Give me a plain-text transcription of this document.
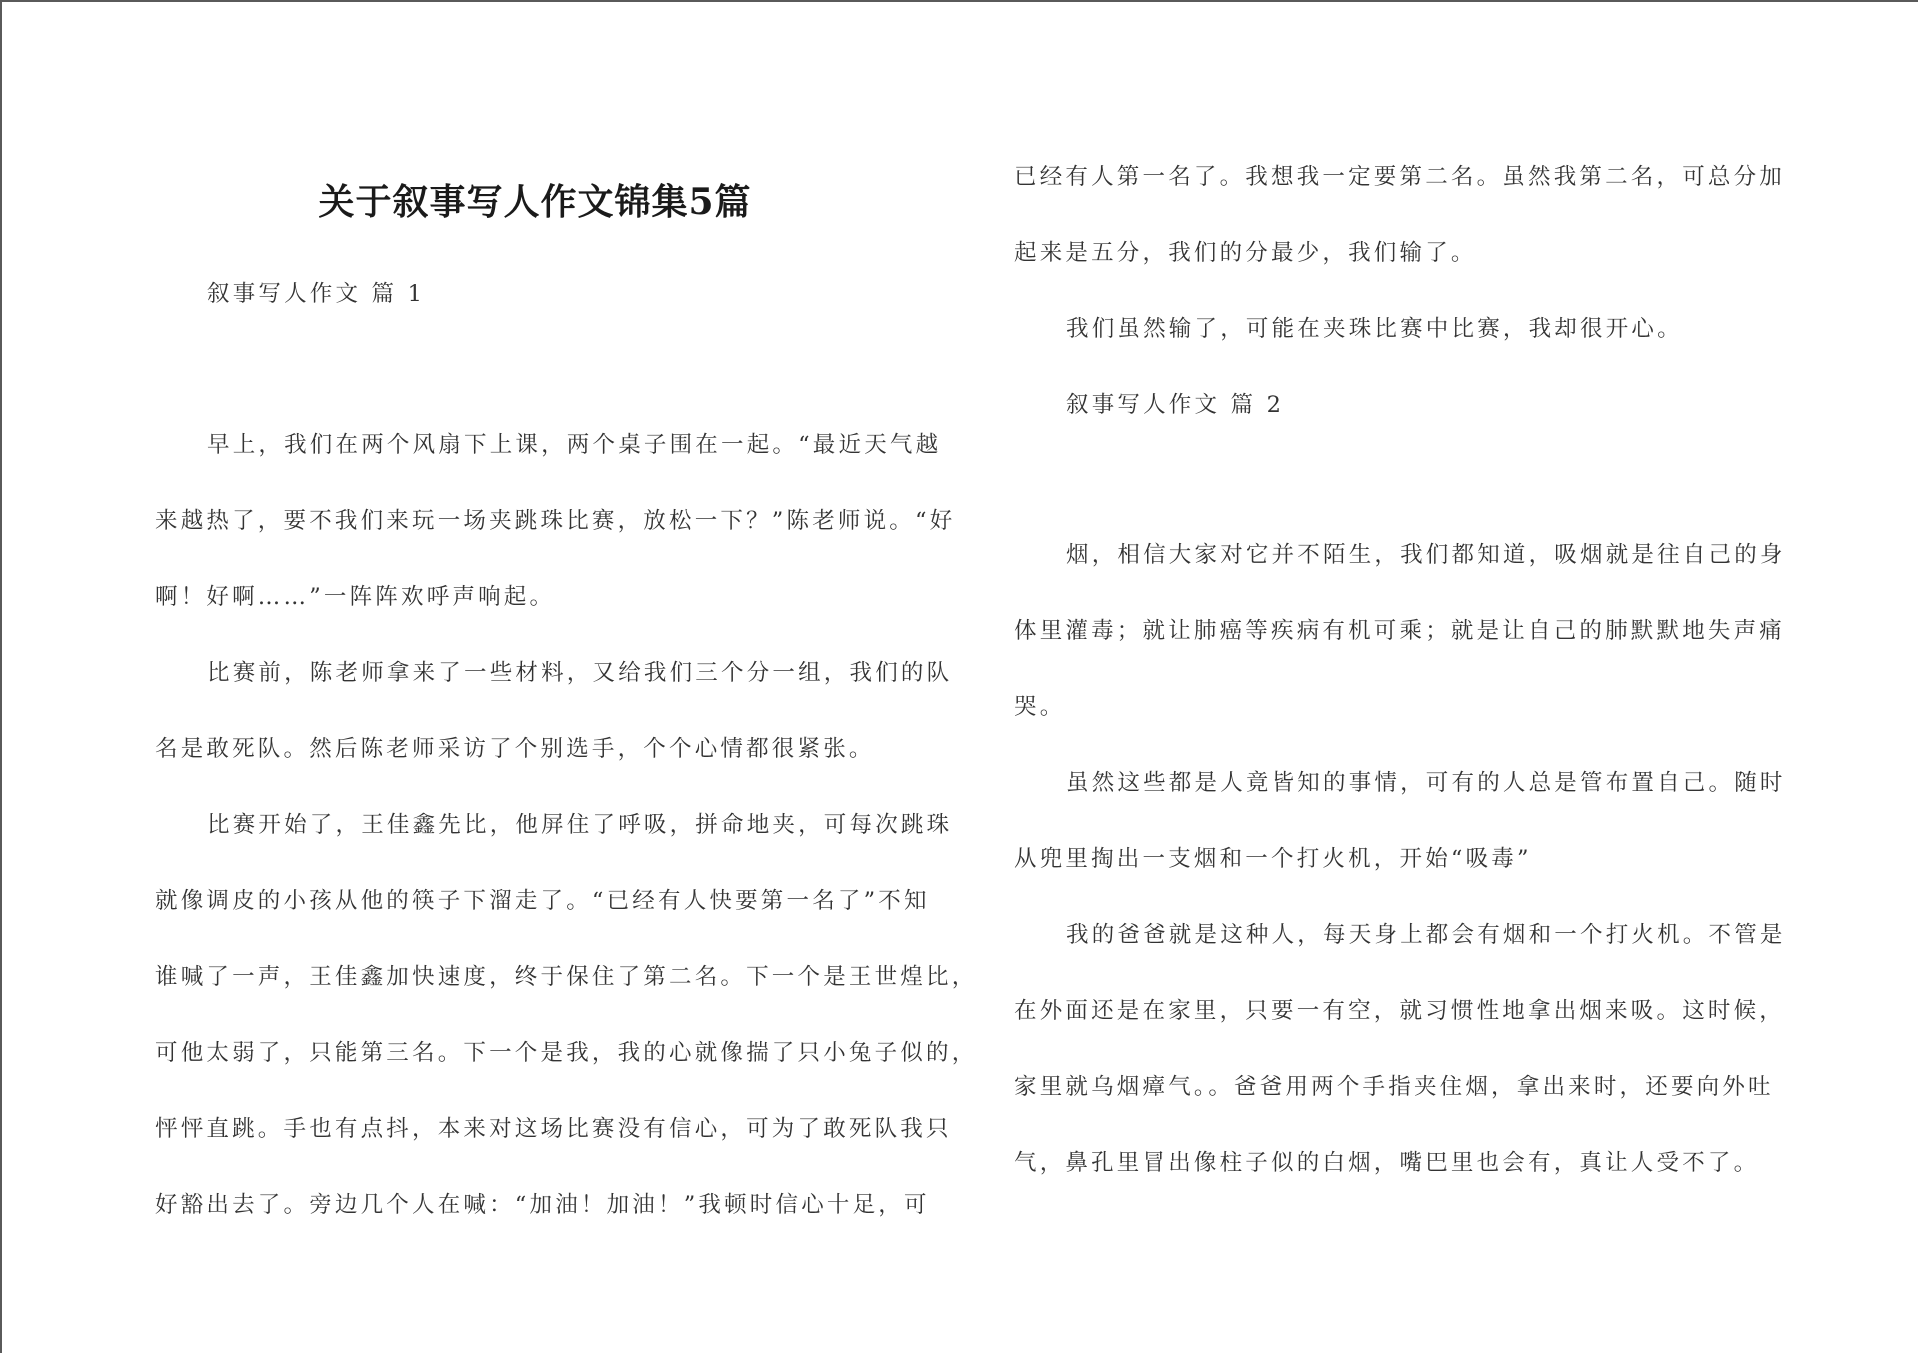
关于叙事写人作文锦集5篇

叙事写人作文 篇 1

早上，我们在两个风扇下上课，两个桌子围在一起。“最近天气越

来越热了，要不我们来玩一场夹跳珠比赛，放松一下？”陈老师说。“好

啊！好啊……”一阵阵欢呼声响起。

比赛前，陈老师拿来了一些材料，又给我们三个分一组，我们的队

名是敢死队。然后陈老师采访了个别选手，个个心情都很紧张。

比赛开始了，王佳鑫先比，他屏住了呼吸，拼命地夹，可每次跳珠

就像调皮的小孩从他的筷子下溜走了。“已经有人快要第一名了”不知

谁喊了一声，王佳鑫加快速度，终于保住了第二名。下一个是王世煌比，

可他太弱了，只能第三名。下一个是我，我的心就像揣了只小兔子似的，

怦怦直跳。手也有点抖，本来对这场比赛没有信心，可为了敢死队我只

好豁出去了。旁边几个人在喊：“加油！加油！”我顿时信心十足，可

已经有人第一名了。我想我一定要第二名。虽然我第二名，可总分加

起来是五分，我们的分最少，我们输了。

我们虽然输了，可能在夹珠比赛中比赛，我却很开心。

叙事写人作文 篇 2

烟，相信大家对它并不陌生，我们都知道，吸烟就是往自己的身

体里灌毒；就让肺癌等疾病有机可乘；就是让自己的肺默默地失声痛

哭。

虽然这些都是人竟皆知的事情，可有的人总是管布置自己。随时

从兜里掏出一支烟和一个打火机，开始“吸毒”

我的爸爸就是这种人，每天身上都会有烟和一个打火机。不管是

在外面还是在家里，只要一有空，就习惯性地拿出烟来吸。这时候，

家里就乌烟瘴气。。爸爸用两个手指夹住烟，拿出来时，还要向外吐

气，鼻孔里冒出像柱子似的白烟，嘴巴里也会有，真让人受不了。
